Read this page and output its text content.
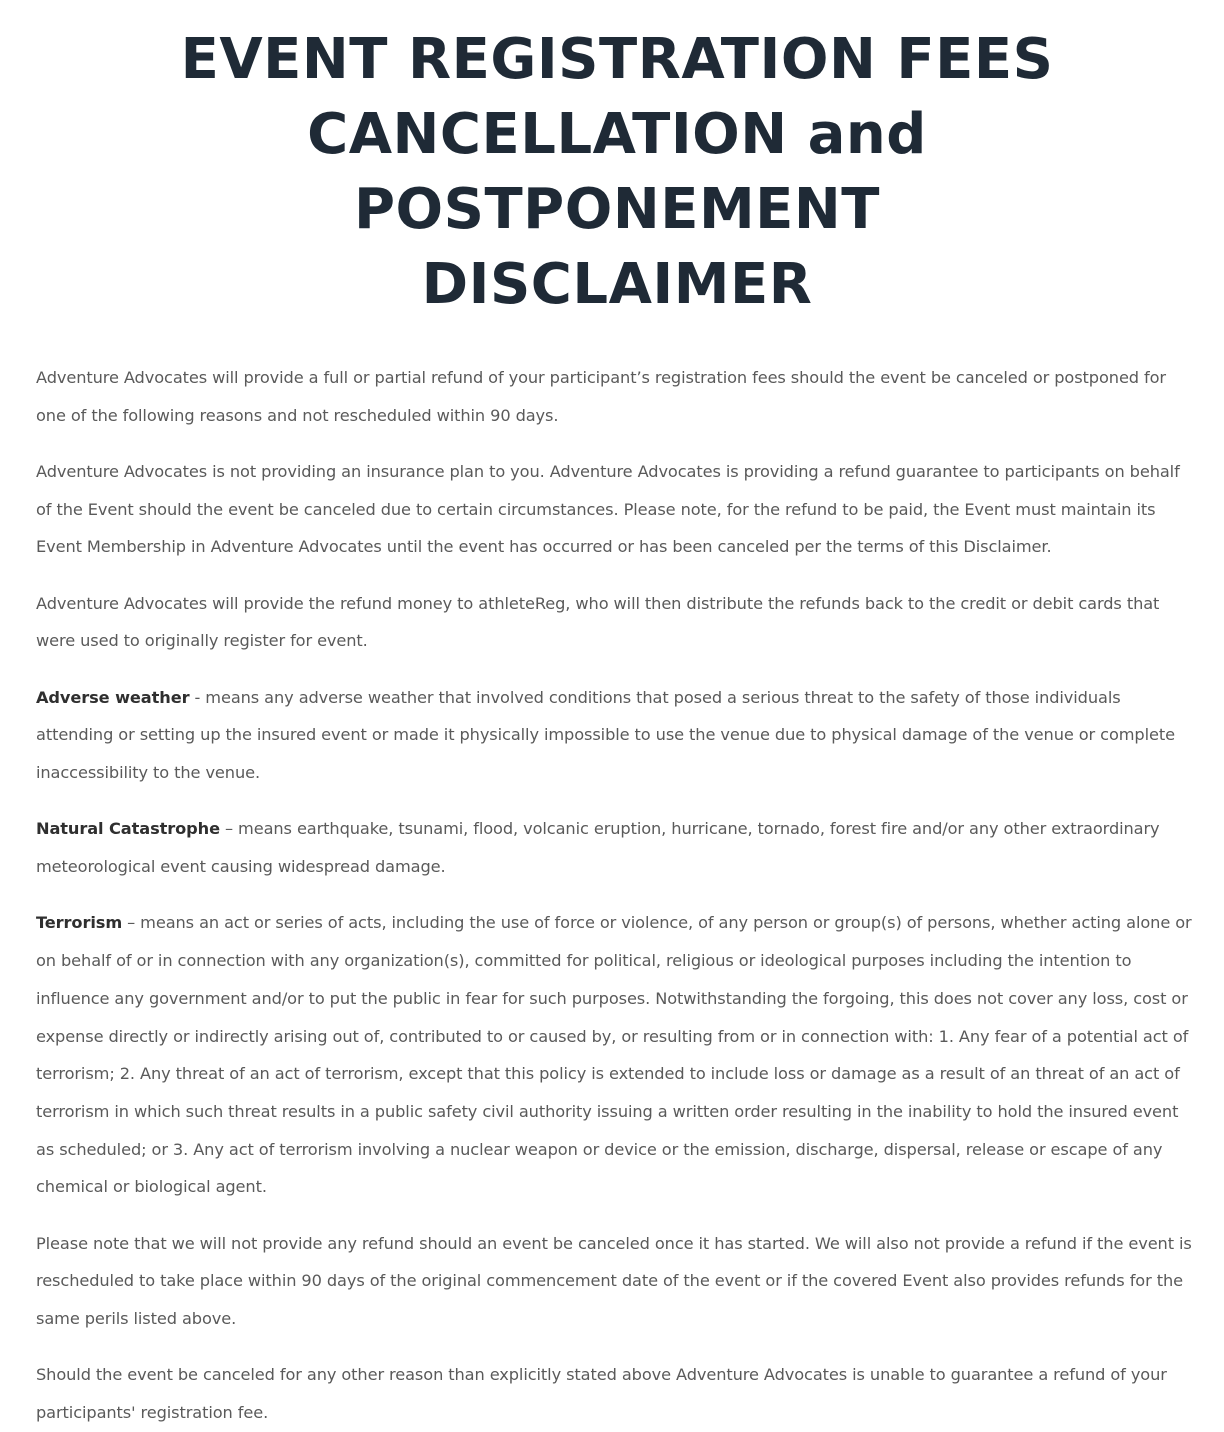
EVENT REGISTRATION FEES
CANCELLATION and POSTPONEMENT
DISCLAIMER

Adventure Advocates will provide a full or partial refund of your participant’s registration fees should the event be canceled or postponed for one of the following reasons and not rescheduled within 90 days.

Adventure Advocates is not providing an insurance plan to you. Adventure Advocates is providing a refund guarantee to participants on behalf of the Event should the event be canceled due to certain circumstances. Please note, for the refund to be paid, the Event must maintain its Event Membership in Adventure Advocates until the event has occurred or has been canceled per the terms of this Disclaimer.

Adventure Advocates will provide the refund money to athleteReg, who will then distribute the refunds back to the credit or debit cards that were used to originally register for event.

Adverse weather - means any adverse weather that involved conditions that posed a serious threat to the safety of those individuals attending or setting up the insured event or made it physically impossible to use the venue due to physical damage of the venue or complete inaccessibility to the venue.

Natural Catastrophe – means earthquake, tsunami, flood, volcanic eruption, hurricane, tornado, forest fire and/or any other extraordinary meteorological event causing widespread damage.

Terrorism – means an act or series of acts, including the use of force or violence, of any person or group(s) of persons, whether acting alone or on behalf of or in connection with any organization(s), committed for political, religious or ideological purposes including the intention to influence any government and/or to put the public in fear for such purposes. Notwithstanding the forgoing, this does not cover any loss, cost or expense directly or indirectly arising out of, contributed to or caused by, or resulting from or in connection with: 1. Any fear of a potential act of terrorism; 2. Any threat of an act of terrorism, except that this policy is extended to include loss or damage as a result of an threat of an act of terrorism in which such threat results in a public safety civil authority issuing a written order resulting in the inability to hold the insured event as scheduled; or 3. Any act of terrorism involving a nuclear weapon or device or the emission, discharge, dispersal, release or escape of any chemical or biological agent.

Please note that we will not provide any refund should an event be canceled once it has started. We will also not provide a refund if the event is rescheduled to take place within 90 days of the original commencement date of the event or if the covered Event also provides refunds for the same perils listed above.

Should the event be canceled for any other reason than explicitly stated above Adventure Advocates is unable to guarantee a refund of your participants' registration fee.
